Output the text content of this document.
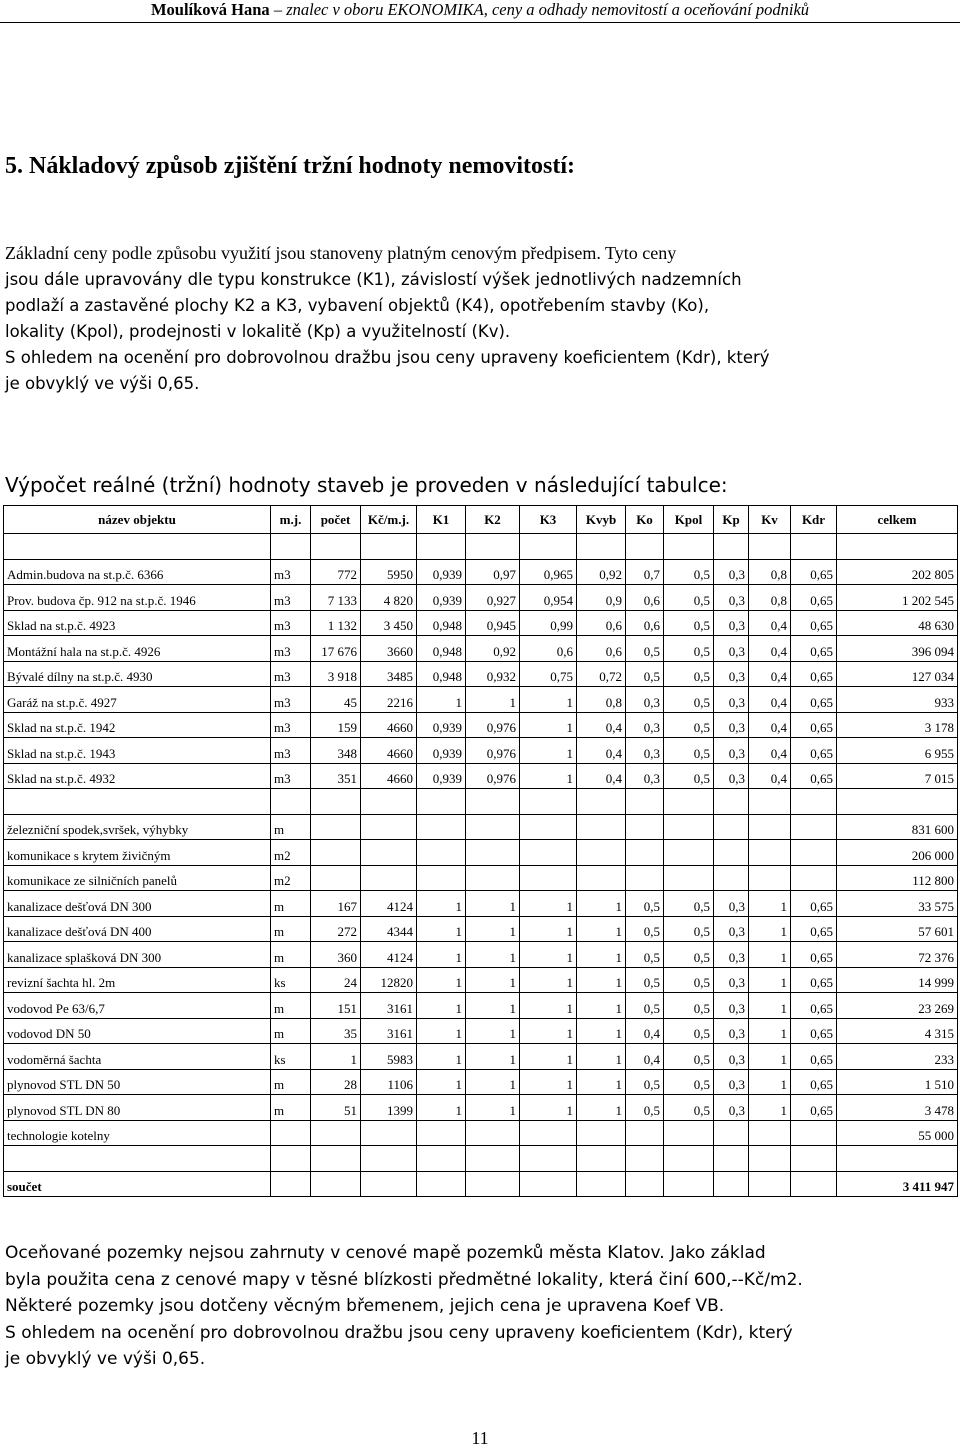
Moulíková Hana – znalec v oboru EKONOMIKA, ceny a odhady nemovitostí a oceňování podniků
5. Nákladový způsob zjištění tržní hodnoty nemovitostí:
Základní ceny podle způsobu využití jsou stanoveny platným cenovým předpisem. Tyto ceny
jsou dále upravovány dle typu konstrukce (K1), závislostí výšek jednotlivých nadzemních
podlaží a zastavěné plochy K2 a K3, vybavení objektů (K4), opotřebením stavby (Ko),
lokality (Kpol), prodejnosti v lokalitě (Kp) a využitelností (Kv).
S ohledem na ocenění pro dobrovolnou dražbu jsou ceny upraveny koeficientem (Kdr), který
je obvyklý ve výši 0,65.
Výpočet reálné (tržní) hodnoty staveb je proveden v následující tabulce:
název objektu	m.j.	počet	Kč/m.j.	K1	K2	K3	Kvyb	Ko	Kpol	Kp	Kv	Kdr	celkem

Admin.budova na st.p.č. 6366	m3	772	5950	0,939	0,97	0,965	0,92	0,7	0,5	0,3	0,8	0,65	202 805
Prov. budova čp. 912 na st.p.č. 1946	m3	7 133	4 820	0,939	0,927	0,954	0,9	0,6	0,5	0,3	0,8	0,65	1 202 545
Sklad na st.p.č. 4923	m3	1 132	3 450	0,948	0,945	0,99	0,6	0,6	0,5	0,3	0,4	0,65	48 630
Montážní hala na st.p.č. 4926	m3	17 676	3660	0,948	0,92	0,6	0,6	0,5	0,5	0,3	0,4	0,65	396 094
Bývalé dílny na st.p.č. 4930	m3	3 918	3485	0,948	0,932	0,75	0,72	0,5	0,5	0,3	0,4	0,65	127 034
Garáž na st.p.č. 4927	m3	45	2216	1	1	1	0,8	0,3	0,5	0,3	0,4	0,65	933
Sklad na st.p.č. 1942	m3	159	4660	0,939	0,976	1	0,4	0,3	0,5	0,3	0,4	0,65	3 178
Sklad na st.p.č. 1943	m3	348	4660	0,939	0,976	1	0,4	0,3	0,5	0,3	0,4	0,65	6 955
Sklad na st.p.č. 4932	m3	351	4660	0,939	0,976	1	0,4	0,3	0,5	0,3	0,4	0,65	7 015

železniční spodek,svršek, výhybky	m												831 600
komunikace s krytem živičným	m2												206 000
komunikace ze silničních panelů	m2												112 800
kanalizace dešťová DN 300	m	167	4124	1	1	1	1	0,5	0,5	0,3	1	0,65	33 575
kanalizace dešťová DN 400	m	272	4344	1	1	1	1	0,5	0,5	0,3	1	0,65	57 601
kanalizace splašková DN 300	m	360	4124	1	1	1	1	0,5	0,5	0,3	1	0,65	72 376
revizní šachta hl. 2m	ks	24	12820	1	1	1	1	0,5	0,5	0,3	1	0,65	14 999
vodovod Pe 63/6,7	m	151	3161	1	1	1	1	0,5	0,5	0,3	1	0,65	23 269
vodovod DN 50	m	35	3161	1	1	1	1	0,4	0,5	0,3	1	0,65	4 315
vodoměrná šachta	ks	1	5983	1	1	1	1	0,4	0,5	0,3	1	0,65	233
plynovod STL DN 50	m	28	1106	1	1	1	1	0,5	0,5	0,3	1	0,65	1 510
plynovod STL DN 80	m	51	1399	1	1	1	1	0,5	0,5	0,3	1	0,65	3 478
technologie kotelny													55 000

součet													3 411 947
Oceňované pozemky nejsou zahrnuty v cenové mapě pozemků města Klatov. Jako základ
byla použita cena z cenové mapy v těsné blízkosti předmětné lokality, která činí 600,--Kč/m2.
Některé pozemky jsou dotčeny věcným břemenem, jejich cena je upravena Koef VB.
S ohledem na ocenění pro dobrovolnou dražbu jsou ceny upraveny koeficientem (Kdr), který
je obvyklý ve výši 0,65.
11
